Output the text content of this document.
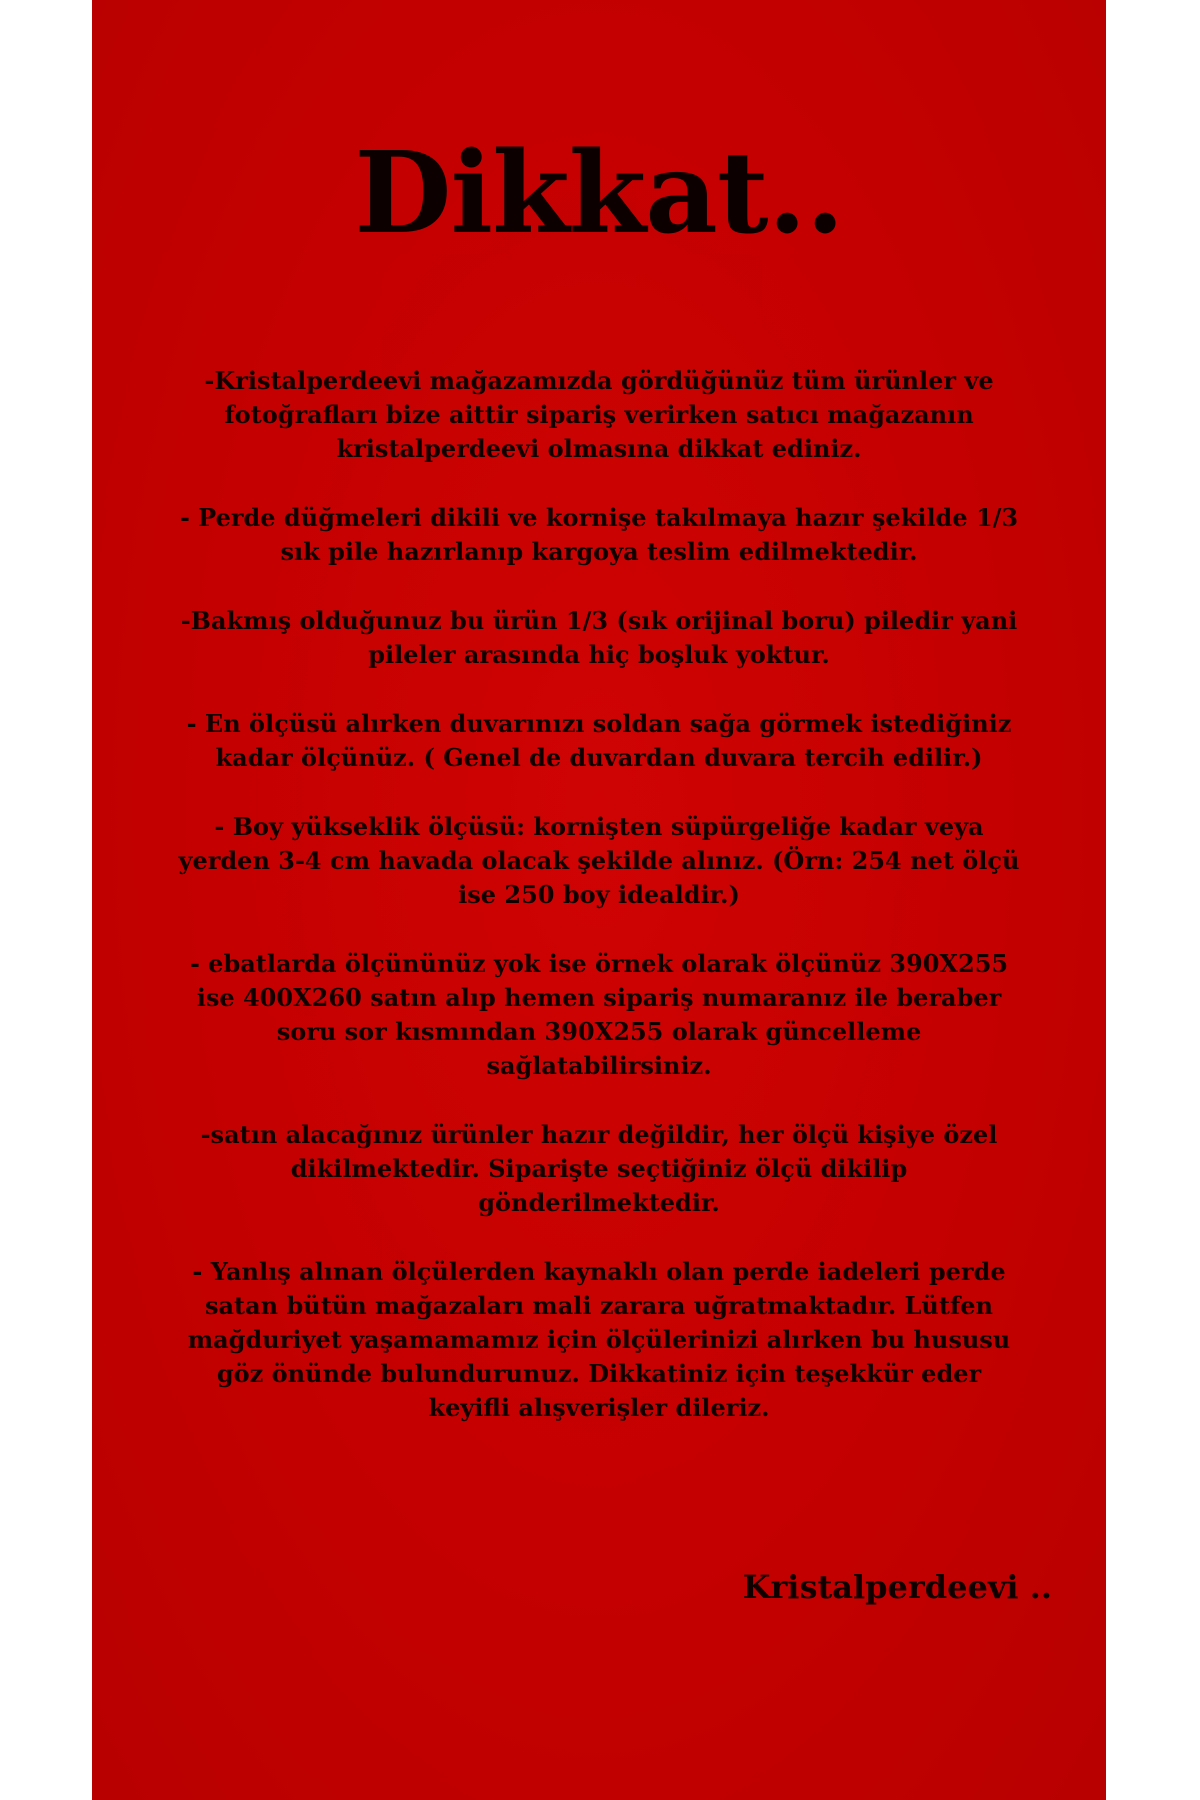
Dikkat..

-Kristalperdeevi mağazamızda gördüğünüz tüm ürünler ve
fotoğrafları bize aittir sipariş verirken satıcı mağazanın
kristalperdeevi olmasına dikkat ediniz.

- Perde düğmeleri dikili ve kornişe takılmaya hazır şekilde 1/3
sık pile hazırlanıp kargoya teslim edilmektedir.

-Bakmış olduğunuz bu ürün 1/3 (sık orijinal boru) piledir yani
pileler arasında hiç boşluk yoktur.

- En ölçüsü alırken duvarınızı soldan sağa görmek istediğiniz
kadar ölçünüz. ( Genel de duvardan duvara tercih edilir.)

- Boy yükseklik ölçüsü: kornişten süpürgeliğe kadar veya
yerden 3-4 cm havada olacak şekilde alınız. (Örn: 254 net ölçü
ise 250 boy idealdir.)

- ebatlarda ölçününüz yok ise örnek olarak ölçünüz 390X255
ise 400X260 satın alıp hemen sipariş numaranız ile beraber
soru sor kısmından 390X255 olarak güncelleme
sağlatabilirsiniz.

-satın alacağınız ürünler hazır değildir, her ölçü kişiye özel
dikilmektedir. Siparişte seçtiğiniz ölçü dikilip
gönderilmektedir.

- Yanlış alınan ölçülerden kaynaklı olan perde iadeleri perde
satan bütün mağazaları mali zarara uğratmaktadır. Lütfen
mağduriyet yaşamamamız için ölçülerinizi alırken bu hususu
göz önünde bulundurunuz. Dikkatiniz için teşekkür eder
keyifli alışverişler dileriz.

Kristalperdeevi ..
